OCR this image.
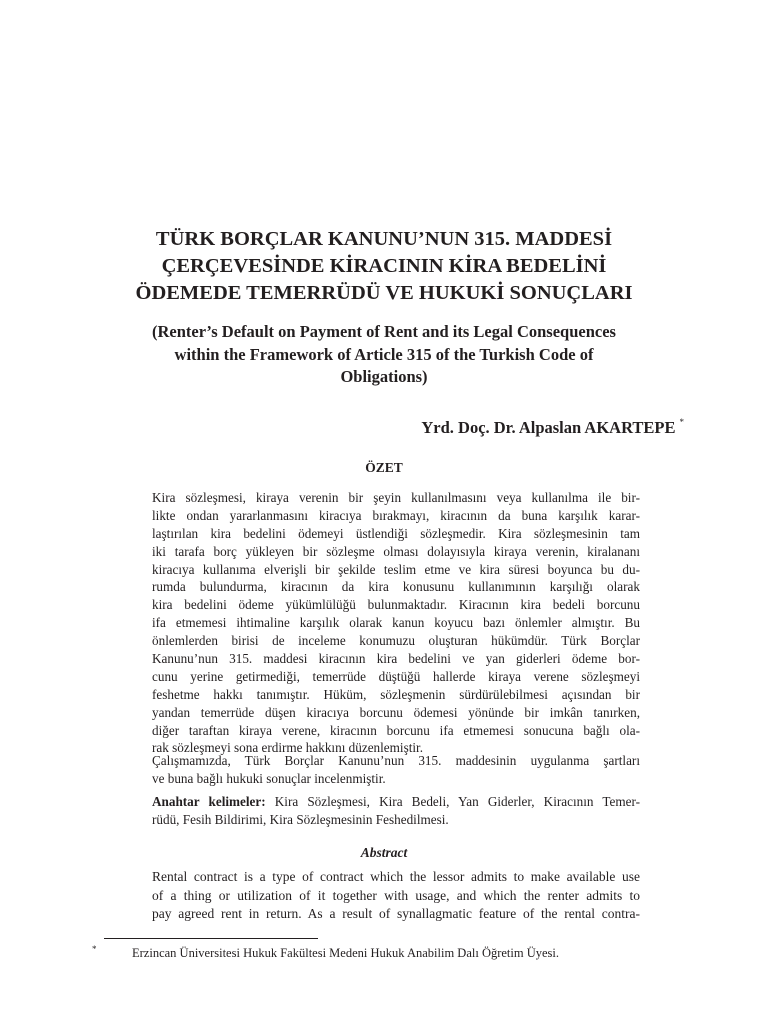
TÜRK BORÇLAR KANUNU’NUN 315. MADDESİ
ÇERÇEVESİNDE KİRACININ KİRA BEDELİNİ
ÖDEMEDE TEMERRÜDÜ VE HUKUKİ SONUÇLARI
(Renter’s Default on Payment of Rent and its Legal Consequences
within the Framework of Article 315 of the Turkish Code of
Obligations)
Yrd. Doç. Dr. Alpaslan AKARTEPE *
ÖZET
Kira sözleşmesi, kiraya verenin bir şeyin kullanılmasını veya kullanılma ile bir-
likte ondan yararlanmasını kiracıya bırakmayı, kiracının da buna karşılık karar-
laştırılan kira bedelini ödemeyi üstlendiği sözleşmedir. Kira sözleşmesinin tam
iki tarafa borç yükleyen bir sözleşme olması dolayısıyla kiraya verenin, kiralananı
kiracıya kullanıma elverişli bir şekilde teslim etme ve kira süresi boyunca bu du-
rumda bulundurma, kiracının da kira konusunu kullanımının karşılığı olarak
kira bedelini ödeme yükümlülüğü bulunmaktadır. Kiracının kira bedeli borcunu
ifa etmemesi ihtimaline karşılık olarak kanun koyucu bazı önlemler almıştır. Bu
önlemlerden birisi de inceleme konumuzu oluşturan hükümdür. Türk Borçlar
Kanunu’nun 315. maddesi kiracının kira bedelini ve yan giderleri ödeme bor-
cunu yerine getirmediği, temerrüde düştüğü hallerde kiraya verene sözleşmeyi
feshetme hakkı tanımıştır. Hüküm, sözleşmenin sürdürülebilmesi açısından bir
yandan temerrüde düşen kiracıya borcunu ödemesi yönünde bir imkân tanırken,
diğer taraftan kiraya verene, kiracının borcunu ifa etmemesi sonucuna bağlı ola-
rak sözleşmeyi sona erdirme hakkını düzenlemiştir.
Çalışmamızda, Türk Borçlar Kanunu’nun 315. maddesinin uygulanma şartları
ve buna bağlı hukuki sonuçlar incelenmiştir.
Anahtar kelimeler: Kira Sözleşmesi, Kira Bedeli, Yan Giderler, Kiracının Temer-
rüdü, Fesih Bildirimi, Kira Sözleşmesinin Feshedilmesi.
Abstract
Rental contract is a type of contract which the lessor admits to make available use
of a thing or utilization of it together with usage, and which the renter admits to
pay agreed rent in return. As a result of synallagmatic feature of the rental contra-
*	Erzincan Üniversitesi Hukuk Fakültesi Medeni Hukuk Anabilim Dalı Öğretim Üyesi.
